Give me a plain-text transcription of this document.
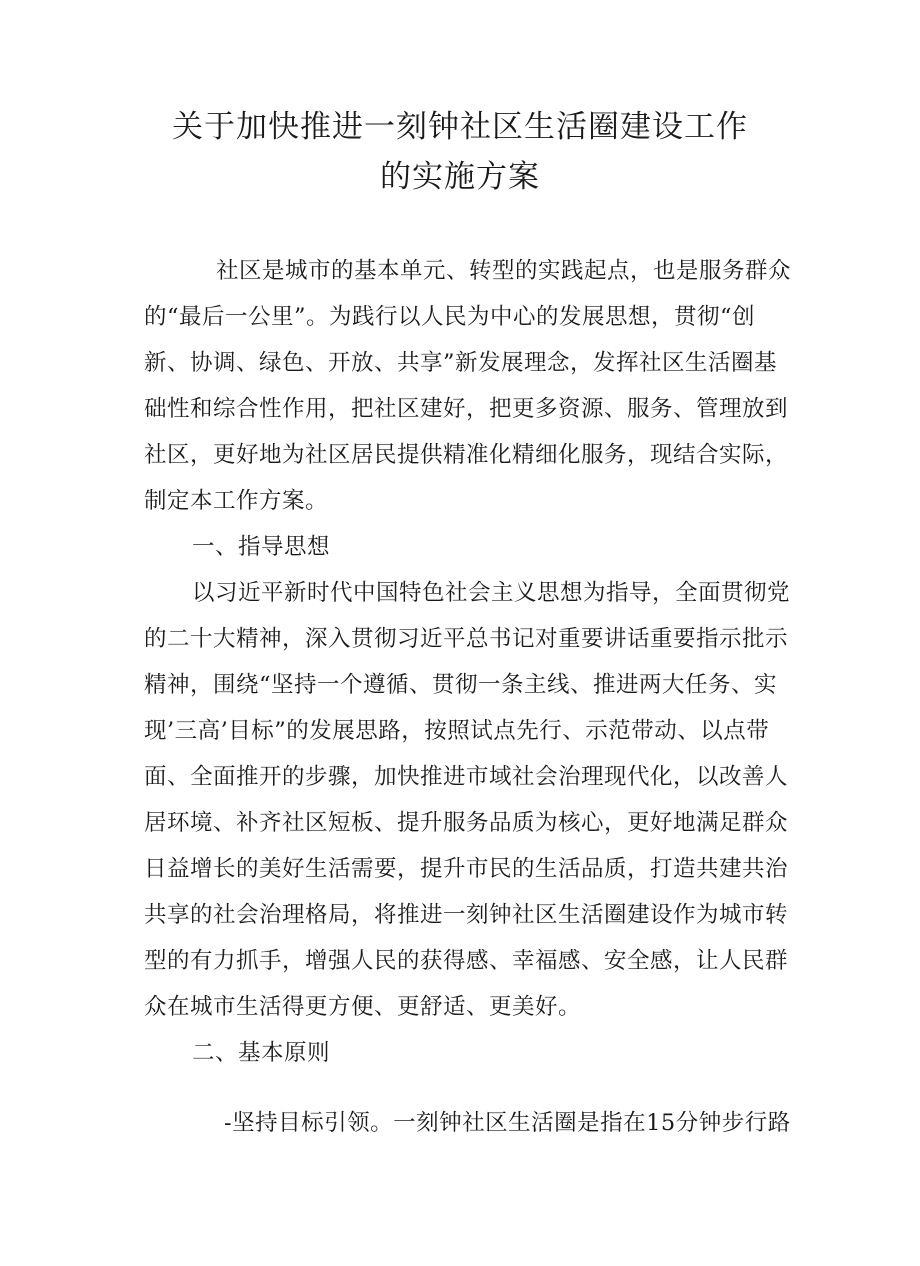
关于加快推进一刻钟社区生活圈建设工作
的实施方案
社区是城市的基本单元、转型的实践起点，也是服务群众
的“最后一公里”。为践行以人民为中心的发展思想，贯彻“创
新、协调、绿色、开放、共享”新发展理念，发挥社区生活圈基
础性和综合性作用，把社区建好，把更多资源、服务、管理放到
社区，更好地为社区居民提供精准化精细化服务，现结合实际，
制定本工作方案。
一、指导思想
以习近平新时代中国特色社会主义思想为指导，全面贯彻党
的二十大精神，深入贯彻习近平总书记对重要讲话重要指示批示
精神，围绕“坚持一个遵循、贯彻一条主线、推进两大任务、实
现’三高’目标”的发展思路，按照试点先行、示范带动、以点带
面、全面推开的步骤，加快推进市域社会治理现代化，以改善人
居环境、补齐社区短板、提升服务品质为核心，更好地满足群众
日益增长的美好生活需要，提升市民的生活品质，打造共建共治
共享的社会治理格局，将推进一刻钟社区生活圈建设作为城市转
型的有力抓手，增强人民的获得感、幸福感、安全感，让人民群
众在城市生活得更方便、更舒适、更美好。
二、基本原则
-坚持目标引领。一刻钟社区生活圈是指在15分钟步行路
